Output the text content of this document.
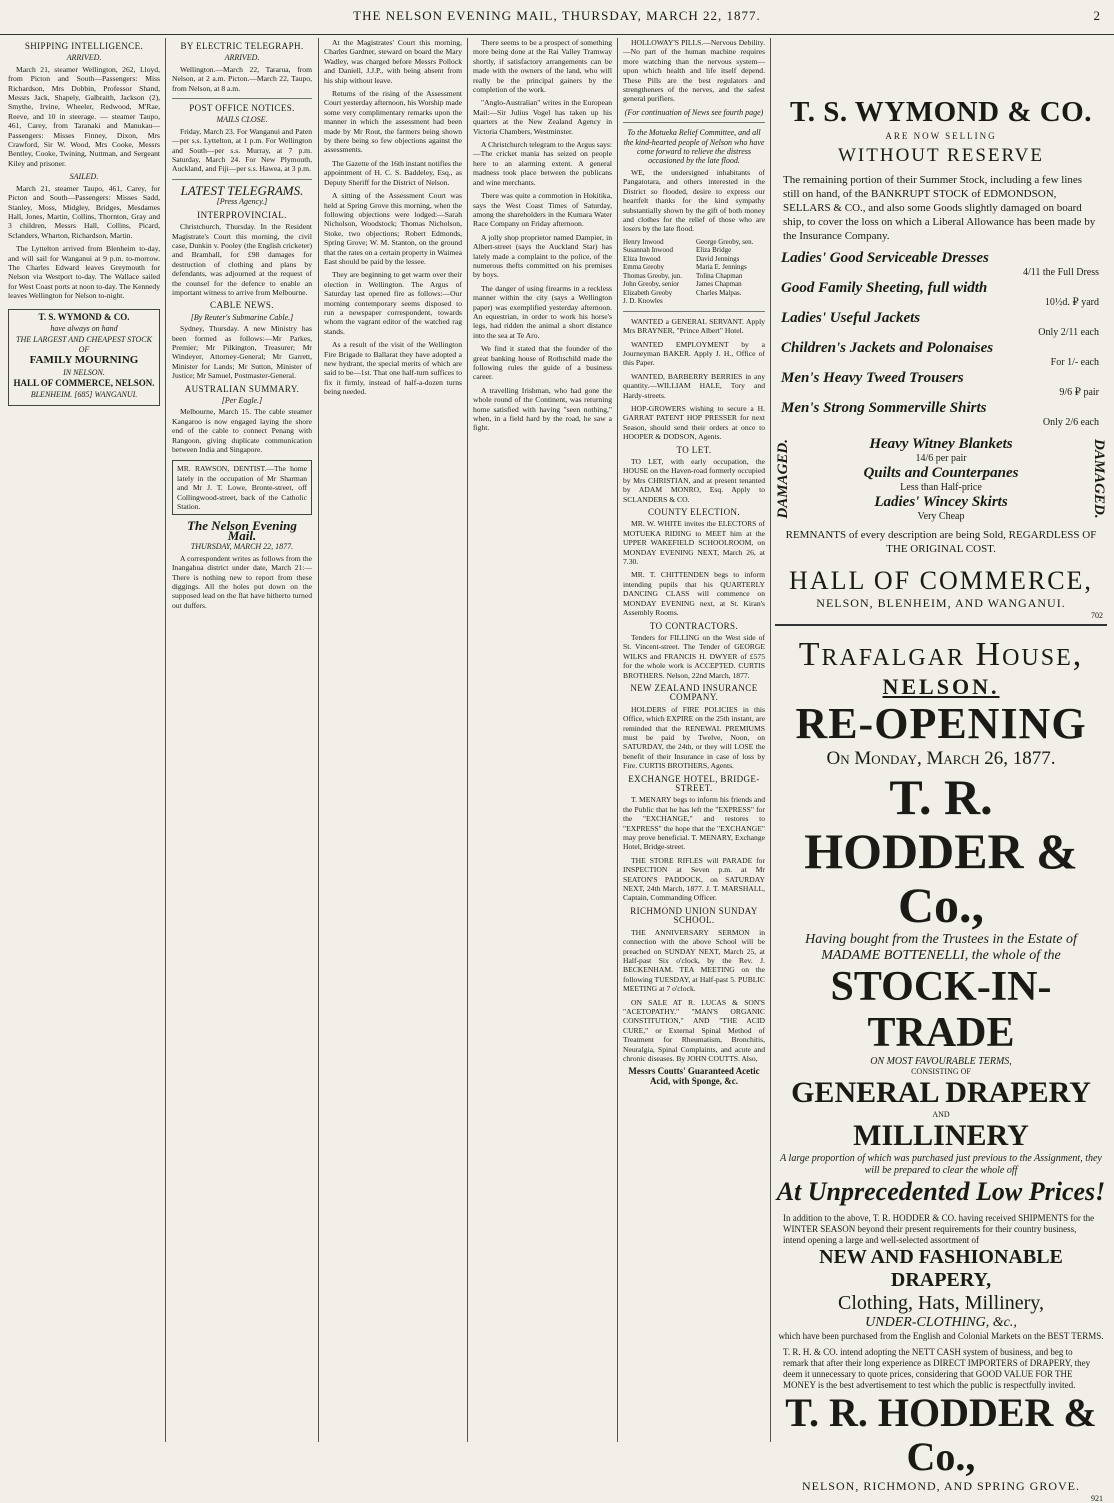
THE NELSON EVENING MAIL, THURSDAY, MARCH 22, 1877.	2
SHIPPING INTELLIGENCE.
ARRIVED.

March 21, steamer Wellington, 262, Lloyd, from Picton and South—Passengers: Miss Richardson, Mrs Dobbin, Professor Shand, Messrs Jack, Shapely, Galbraith, Jackson (2), Smythe, Irvine, Wheeler, Redwood, M'Rae, Reeve, and 10 in steerage. — steamer Taupo, 461, Carey, from Taranaki and Manukau—Passengers: Misses Finney, Dixon, Mrs Crawford, Sir W. Wood, Mrs Cooke, Messrs Bentley, Cooke, Twining, Nuttman, and Sergeant Kiley and prisoner.

SAILED.

March 21, steamer Taupo, 461, Carey, for Picton and South—Passengers: Misses Sadd, Stanley, Moss, Midgley, Bridges, Mesdames Hall, Jones, Martin, Collins, Thornton, Gray and 3 children, Messrs Hall, Collins, Picard, Sclanders, Wharton, Richardson, Martin.

The Lyttelton arrived from Blenheim to-day, and will sail for Wanganui at 9 p.m. to-morrow. The Charles Edward leaves Greymouth for Nelson via Westport to-day. The Wallace sailed for West Coast ports at noon to-day. The Kennedy leaves Wellington for Nelson to-night.

T. S. WYMOND & CO.
have always on hand
THE LARGEST AND CHEAPEST STOCK OF
FAMILY MOURNING
IN NELSON.
HALL OF COMMERCE, NELSON.
BLENHEIM. [685] WANGANUI.
BY ELECTRIC TELEGRAPH.
ARRIVED.

Wellington.—March 22, Tararua, from Nelson, at 2 a.m. Picton.—March 22, Taupo, from Nelson, at 8 a.m.

POST OFFICE NOTICES.
MAILS CLOSE.

Friday, March 23. For Wanganui and Paten—per s.s. Lyttelton, at 1 p.m. For Wellington and South—per s.s. Murray, at 7 p.m. Saturday, March 24. For New Plymouth, Auckland, and Fiji—per s.s. Hawea, at 3 p.m.

LATEST TELEGRAMS.
[Press Agency.]
INTERPROVINCIAL.

Christchurch, Thursday. In the Resident Magistrate's Court this morning, the civil case, Dunkin v. Pooley (the English cricketer) and Bramhall, for £98 damages for destruction of clothing and plans by defendants, was adjourned at the request of the counsel for the defence to enable an important witness to arrive from Melbourne.

CABLE NEWS.
[By Reuter's Submarine Cable.]

Sydney, Thursday. A new Ministry has been formed as follows:—Mr Parkes, Premier; Mr Pilkington, Treasurer; Mr Windeyer, Attorney-General; Mr Garrett, Minister for Lands; Mr Sutton, Minister of Justice; Mr Samuel, Postmaster-General.

AUSTRALIAN SUMMARY.
[Per Eagle.]

Melbourne, March 15. The cable steamer Kangaroo is now engaged laying the shore end of the cable to connect Penang with Rangoon, giving duplicate communication between India and Singapore.

MR. RAWSON, DENTIST.—The home lately in the occupation of Mr Sharman and Mr J. T. Lowe, Bronte-street, off Collingwood-street, back of the Catholic Station.
The Nelson Evening Mail.
THURSDAY, MARCH 22, 1877.

A correspondent writes as follows from the Inangahua district under date, March 21:—There is nothing new to report from these diggings. All the holes put down on the supposed lead on the flat have hitherto turned out duffers.

At the Magistrates' Court this morning, Charles Gardner, steward on board the Mary Wadley, was charged before Messrs Pollock and Daniell, J.J.P., with being absent from his ship without leave.

Returns of the rising of the Assessment Court yesterday afternoon, his Worship made some very complimentary remarks upon the manner in which the assessment had been made by Mr Rout, the farmers being shown by there being so few objections against the assessments.

The Gazette of the 16th instant notifies the appointment of H. C. S. Baddeley, Esq., as Deputy Sheriff for the District of Nelson.

A sitting of the Assessment Court was held at Spring Grove this morning, when the following objections were lodged:—Sarah Nicholson, Woodstock; Thomas Nicholson, Stoke, two objections; Robert Edmonds, Spring Grove; W. M. Stanton, on the ground that the rates on a certain property in Waimea East should be paid by the lessee.

They are beginning to get warm over their election in Wellington. The Argus of Saturday last opened fire as follows:—Our morning contemporary seems disposed to run a newspaper correspondent, towards whom the vagrant editor of the watched rag stands.

As a result of the visit of the Wellington Fire Brigade to Ballarat they have adopted a new hydrant, the special merits of which are said to be—1st. That one half-turn suffices to fix it firmly, instead of half-a-dozen turns being needed.

There seems to be a prospect of something more being done at the Rai Valley Tramway shortly, if satisfactory arrangements can be made with the owners of the land, who will really be the principal gainers by the completion of the work.

"Anglo-Australian" writes in the European Mail:—Sir Julius Vogel has taken up his quarters at the New Zealand Agency in Victoria Chambers, Westminster.

A Christchurch telegram to the Argus says:—The cricket mania has seized on people here to an alarming extent. A general madness took place between the publicans and wine merchants.

There was quite a commotion in Hokitika, says the West Coast Times of Saturday, among the shareholders in the Kumara Water Race Company on Friday afternoon.

A jolly shop proprietor named Dampier, in Albert-street (says the Auckland Star) has lately made a complaint to the police, of the numerous thefts committed on his premises by boys.

The danger of using firearms in a reckless manner within the city (says a Wellington paper) was exemplified yesterday afternoon. An equestrian, in order to work his horse's legs, had ridden the animal a short distance into the sea at Te Aro.

We find it stated that the founder of the great banking house of Rothschild made the following rules the guide of a business career.

A travelling Irishman, who had gone the whole round of the Continent, was returning home satisfied with having "seen nothing," when, in a field hard by the road, he saw a fight.

HOLLOWAY'S PILLS.—Nervous Debility.—No part of the human machine requires more watching than the nervous system—upon which health and life itself depend. These Pills are the best regulators and strengtheners of the nerves, and the safest general purifiers.

(For continuation of News see fourth page)
To the Motueka Relief Committee, and all the kind-hearted people of Nelson who have come forward to relieve the distress occasioned by the late flood.

WE, the undersigned inhabitants of Pangatotara, and others interested in the District so flooded, desire to express our heartfelt thanks for the kind sympathy substantially shown by the gift of both money and clothes for the relief of those who are losers by the late flood.

Henry Inwood
Susannah Inwood
Eliza Inwood
Emma Greoby
Thomas Greoby, jun.
John Greoby, senior
Elizabeth Greoby
J. D. Knowles
George Greoby, sen.
Eliza Bridge
David Jennings
Maria E. Jennings
Tolina Chapman
James Chapman
Charles Malpas.

WANTED a GENERAL SERVANT. Apply Mrs BRAYNER, "Prince Albert" Hotel.

WANTED EMPLOYMENT by a Journeyman BAKER. Apply J. H., Office of this Paper.

WANTED, BARBERRY BERRIES in any quantity.—WILLIAM HALE, Tory and Hardy-streets.

HOP-GROWERS wishing to secure a H. GARRAT PATENT HOP PRESSER for next Season, should send their orders at once to HOOPER & DODSON, Agents.

TO LET.

TO LET, with early occupation, the HOUSE on the Haven-road formerly occupied by Mrs CHRISTIAN, and at present tenanted by ADAM MONRO, Esq. Apply to SCLANDERS & CO.

COUNTY ELECTION.

MR. W. WHITE invites the ELECTORS of MOTUEKA RIDING to MEET him at the UPPER WAKEFIELD SCHOOLROOM, on MONDAY EVENING NEXT, March 26, at 7.30.

MR. T. CHITTENDEN begs to inform intending pupils that his QUARTERLY DANCING CLASS will commence on MONDAY EVENING next, at St. Kiran's Assembly Rooms.

TO CONTRACTORS.

Tenders for FILLING on the West side of St. Vincent-street. The Tender of GEORGE WILKS and FRANCIS H. DWYER of £575 for the whole work is ACCEPTED. CURTIS BROTHERS. Nelson, 22nd March, 1877.

NEW ZEALAND INSURANCE COMPANY.

HOLDERS of FIRE POLICIES in this Office, which EXPIRE on the 25th instant, are reminded that the RENEWAL PREMIUMS must be paid by Twelve, Noon, on SATURDAY, the 24th, or they will LOSE the benefit of their Insurance in case of loss by Fire. CURTIS BROTHERS, Agents.

EXCHANGE HOTEL, BRIDGE-STREET.

T. MENARY begs to inform his friends and the Public that he has left the "EXPRESS" for the "EXCHANGE," and restores to "EXPRESS" the hope that the "EXCHANGE" may prove beneficial. T. MENARY, Exchange Hotel, Bridge-street.

THE STORE RIFLES will PARADE for INSPECTION at Seven p.m. at Mr SEATON'S PADDOCK, on SATURDAY NEXT, 24th March, 1877. J. T. MARSHALL, Captain, Commanding Officer.

RICHMOND UNION SUNDAY SCHOOL.

THE ANNIVERSARY SERMON in connection with the above School will be preached on SUNDAY NEXT, March 25, at Half-past Six o'clock, by the Rev. J. BECKENHAM. TEA MEETING on the following TUESDAY, at Half-past 5. PUBLIC MEETING at 7 o'clock.

ON SALE AT R. LUCAS & SON'S "ACETOPATHY." "MAN'S ORGANIC CONSTITUTION," AND "THE ACID CURE," or External Spinal Method of Treatment for Rheumatism, Bronchitis, Neuralgia, Spinal Complaints, and acute and chronic diseases. By JOHN COUTTS. Also,

Messrs Coutts' Guaranteed Acetic Acid, with Sponge, &c.
T. S. WYMOND & CO.
ARE NOW SELLING
WITHOUT RESERVE
The remaining portion of their Summer Stock, including a few lines still on hand, of the BANKRUPT STOCK of EDMONDSON, SELLARS & CO., and also some Goods slightly damaged on board ship, to cover the loss on which a Liberal Allowance has been made by the Insurance Company.
Ladies' Good Serviceable Dresses
4/11 the Full Dress
Good Family Sheeting, full width
10½d. ₽ yard
Ladies' Useful Jackets
Only 2/11 each
Children's Jackets and Polonaises
For 1/- each
Men's Heavy Tweed Trousers
9/6 ₽ pair
Men's Strong Sommerville Shirts
Only 2/6 each
DAMAGED.	Heavy Witney Blankets
14/6 per pair
Quilts and Counterpanes
Less than Half-price
Ladies' Wincey Skirts
Very Cheap	DAMAGED.
REMNANTS of every description are being Sold, REGARDLESS OF THE ORIGINAL COST.
HALL OF COMMERCE,
NELSON, BLENHEIM, AND WANGANUI.
702
Trafalgar House,
NELSON.
RE-OPENING
On Monday, March 26, 1877.
T. R. HODDER & Co.,
Having bought from the Trustees in the Estate of MADAME BOTTENELLI, the whole of the
STOCK-IN-TRADE
ON MOST FAVOURABLE TERMS,
CONSISTING OF
GENERAL DRAPERY
AND
MILLINERY
A large proportion of which was purchased just previous to the Assignment, they will be prepared to clear the whole off
At Unprecedented Low Prices!
In addition to the above, T. R. HODDER & CO. having received SHIPMENTS for the WINTER SEASON beyond their present requirements for their country business, intend opening a large and well-selected assortment of
NEW AND FASHIONABLE DRAPERY,
Clothing, Hats, Millinery,
UNDER-CLOTHING, &c.,
which have been purchased from the English and Colonial Markets on the BEST TERMS.
T. R. H. & CO. intend adopting the NETT CASH system of business, and beg to remark that after their long experience as DIRECT IMPORTERS of DRAPERY, they deem it unnecessary to quote prices, considering that GOOD VALUE FOR THE MONEY is the best advertisement to test which the public is respectfully invited.
T. R. HODDER & Co.,
NELSON, RICHMOND, AND SPRING GROVE.
921
